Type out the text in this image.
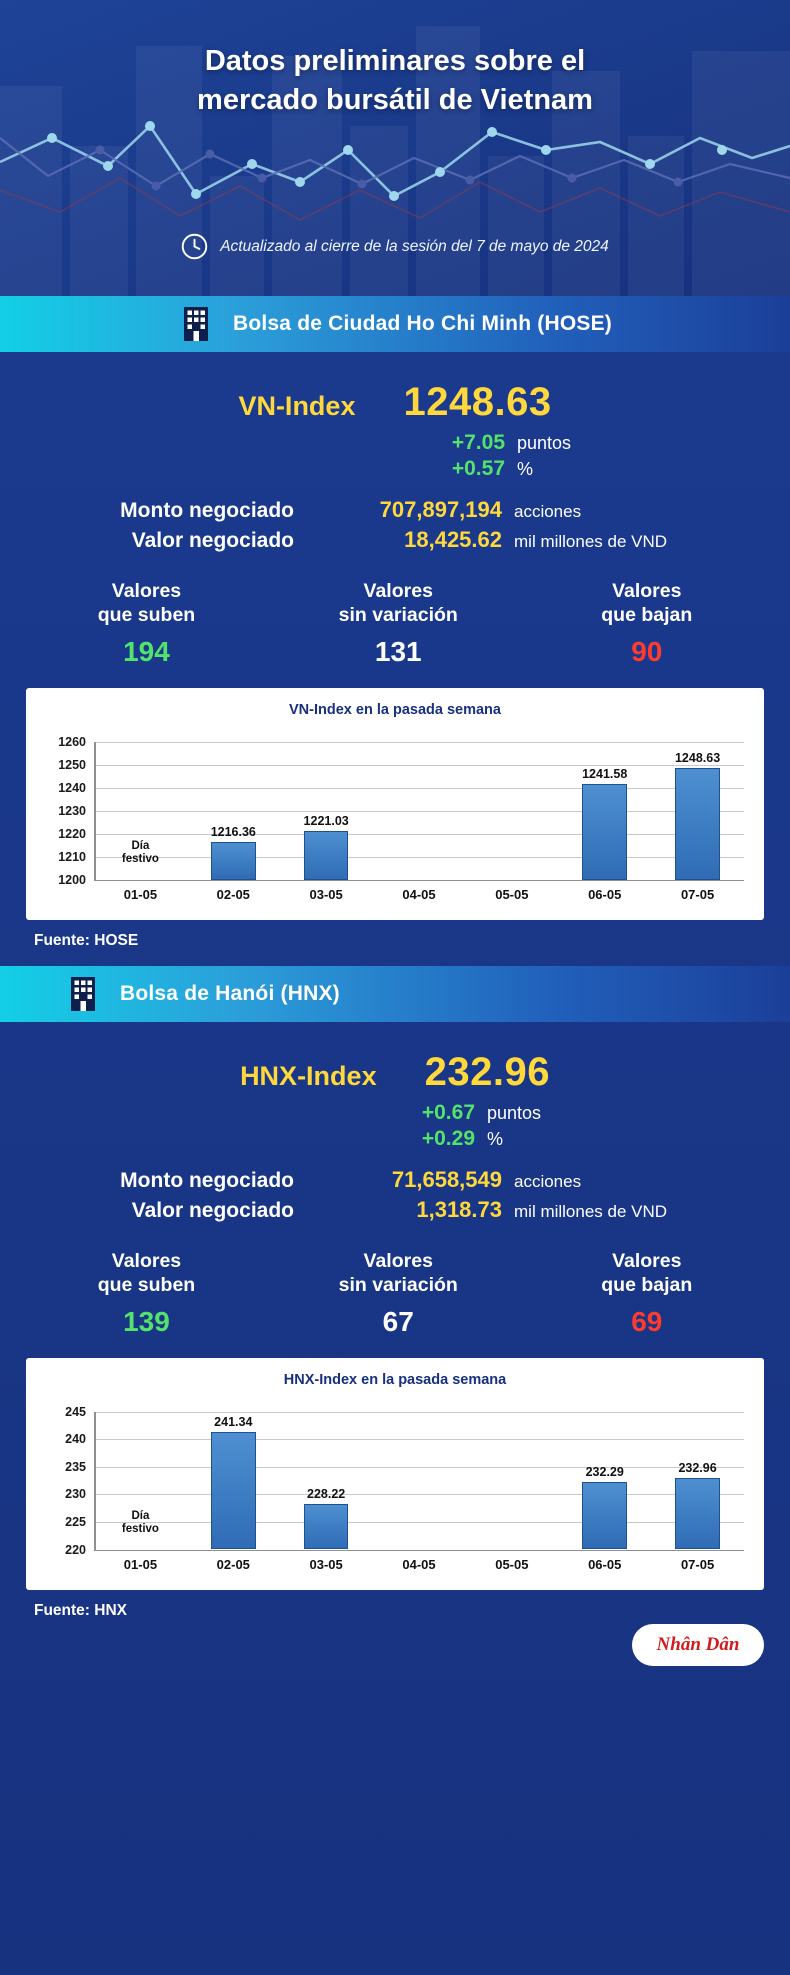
Datos preliminares sobre el
mercado bursátil de Vietnam
Actualizado al cierre de la sesión del 7 de mayo de 2024
Bolsa de Ciudad Ho Chi Minh (HOSE)
VN-Index 1248.63
+7.05 puntos
+0.57 %
Monto negociado	707,897,194 acciones
Valor negociado	18,425.62 mil millones de VND
Valores
que suben
194
Valores
sin variación
131
Valores
que bajan
90
VN-Index en la pasada semana
1200
1210
1220
1230
1240
1250
1260
01-05
1216.36
02-05
1221.03
03-05	04-05	05-05
1241.58
06-05
1248.63
07-05
Día
festivo
Fuente: HOSE
Bolsa de Hanói (HNX)
HNX-Index 232.96
+0.67 puntos
+0.29 %
Monto negociado	71,658,549 acciones
Valor negociado	1,318.73 mil millones de VND
Valores
que suben
139
Valores
sin variación
67
Valores
que bajan
69
HNX-Index en la pasada semana
220
225
230
235
240
245
01-05
241.34
02-05
228.22
03-05	04-05	05-05
232.29
06-05
232.96
07-05
Día
festivo
Fuente: HNX
Nhân Dân
